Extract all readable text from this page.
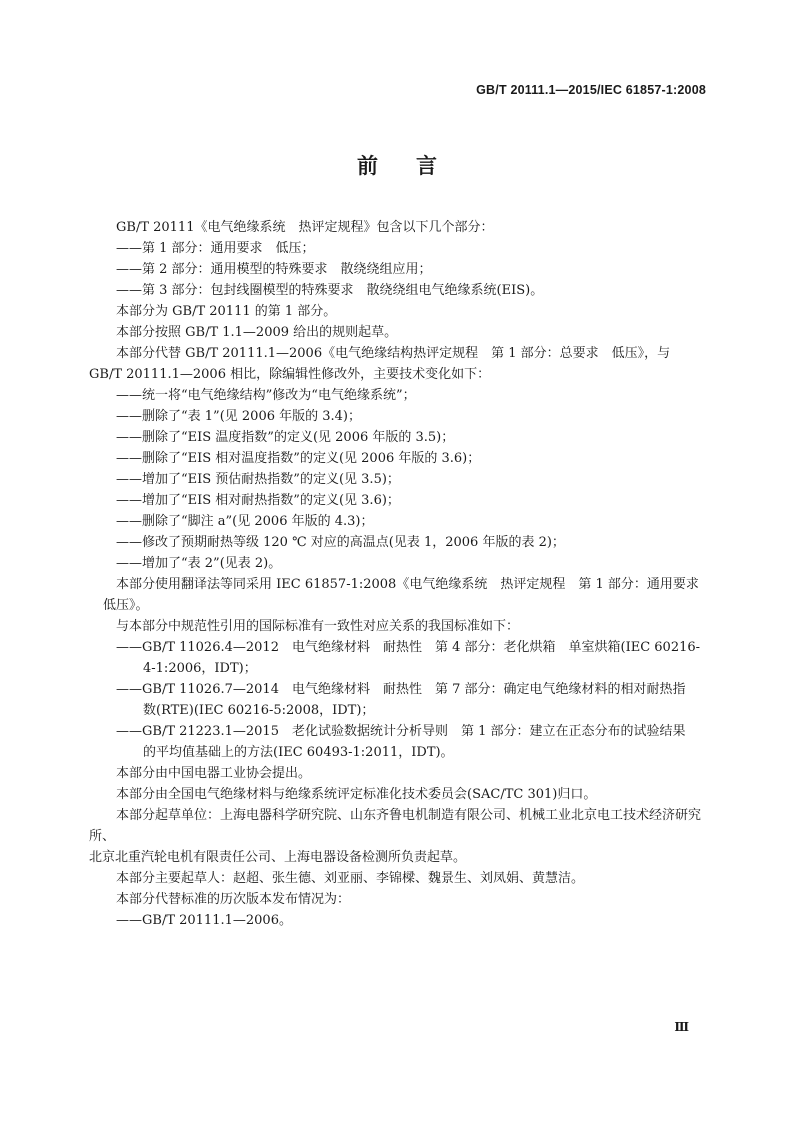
GB/T 20111.1—2015/IEC 61857-1:2008
前言

GB/T 20111《电气绝缘系统　热评定规程》包含以下几个部分：

——第 1 部分：通用要求　低压；

——第 2 部分：通用模型的特殊要求　散绕绕组应用；

——第 3 部分：包封线圈模型的特殊要求　散绕绕组电气绝缘系统(EIS)。

本部分为 GB/T 20111 的第 1 部分。

本部分按照 GB/T 1.1—2009 给出的规则起草。

本部分代替 GB/T 20111.1—2006《电气绝缘结构热评定规程　第 1 部分：总要求　低压》，与

GB/T 20111.1—2006 相比，除编辑性修改外，主要技术变化如下：

——统一将“电气绝缘结构”修改为“电气绝缘系统”；

——删除了“表 1”(见 2006 年版的 3.4)；

——删除了“EIS 温度指数”的定义(见 2006 年版的 3.5)；

——删除了“EIS 相对温度指数”的定义(见 2006 年版的 3.6)；

——增加了“EIS 预估耐热指数”的定义(见 3.5)；

——增加了“EIS 相对耐热指数”的定义(见 3.6)；

——删除了“脚注 a”(见 2006 年版的 4.3)；

——修改了预期耐热等级 120 ℃ 对应的高温点(见表 1，2006 年版的表 2)；

——增加了“表 2”(见表 2)。

本部分使用翻译法等同采用 IEC 61857-1:2008《电气绝缘系统　热评定规程　第 1 部分：通用要求

低压》。

与本部分中规范性引用的国际标准有一致性对应关系的我国标准如下：

——GB/T 11026.4—2012　电气绝缘材料　耐热性　第 4 部分：老化烘箱　单室烘箱(IEC 60216-
4-1:2006，IDT)；
——GB/T 11026.7—2014　电气绝缘材料　耐热性　第 7 部分：确定电气绝缘材料的相对耐热指
数(RTE)(IEC 60216-5:2008，IDT)；
——GB/T 21223.1—2015　老化试验数据统计分析导则　第 1 部分：建立在正态分布的试验结果
的平均值基础上的方法(IEC 60493-1:2011，IDT)。

本部分由中国电器工业协会提出。

本部分由全国电气绝缘材料与绝缘系统评定标准化技术委员会(SAC/TC 301)归口。

本部分起草单位：上海电器科学研究院、山东齐鲁电机制造有限公司、机械工业北京电工技术经济研究所、

北京北重汽轮电机有限责任公司、上海电器设备检测所负责起草。

本部分主要起草人：赵超、张生德、刘亚丽、李锦樑、魏景生、刘凤娟、黄慧洁。

本部分代替标准的历次版本发布情况为：

——GB/T 20111.1—2006。

Ⅲ
